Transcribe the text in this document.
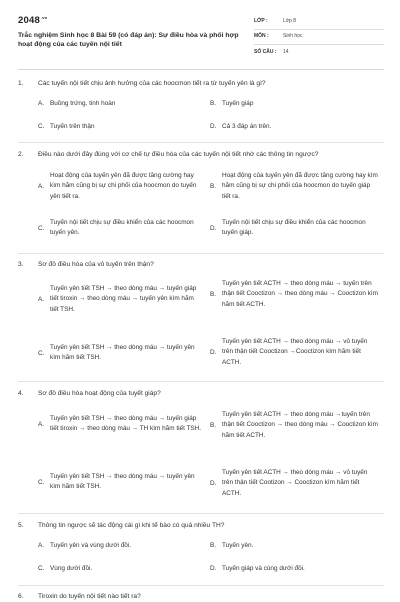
$2048^{.vn}$
Trắc nghiệm Sinh học 8 Bài 59 (có đáp án): Sự điều hòa và phối hợp hoạt động của các tuyến nội tiết
LỚP :	Lớp 8
MÔN :	Sinh học
SỐ CÂU :	14
1. Các tuyến nội tiết chịu ảnh hưởng của các hoocmon tiết ra từ tuyến yên là gì?
A. Buồng trứng, tinh hoàn	B. Tuyến giáp
C. Tuyến trên thận	D. Cả 3 đáp án trên.
2. Điều nào dưới đây đúng với cơ chế tự điều hòa của các tuyến nội tiết nhờ các thông tin ngược?
A.
Hoạt động của tuyến yên đã được tăng cường hay kìm hãm cũng bị sự chi phối của hoocmon do tuyến yên tiết ra.
B.
Hoạt động của tuyến yên đã được tăng cường hay kìm hãm cũng bị sự chi phối của hoocmon do tuyến giáp tiết ra.
C.
Tuyến nội tiết chịu sự điều khiển của các hoocmon tuyến yên.
D.
Tuyến nội tiết chịu sự điều khiển của các hoocmon tuyến giáp.
3. Sơ đồ điều hòa của vỏ tuyến trên thận?
A.
Tuyến yên tiết TSH → theo dòng máu → tuyến giáp tiết tiroxin → theo dòng máu → tuyến yên kìm hãm tiết TSH.
B.
Tuyến yên tiết ACTH → theo dòng máu → tuyến trên thận tiết Cooctizon → theo dòng máu → Cooctizon kìm hãm tiết ACTH.
C.
Tuyến yên tiết TSH → theo dòng máu → tuyến yên kìm hãm tiết TSH.
D.
Tuyến yên tiết ACTH → theo dòng máu → vỏ tuyến trên thận tiết Cooctizon →Cooctizon kìm hãm tiết ACTH.
4. Sơ đồ điều hòa hoạt động của tuyết giáp?
A.
Tuyến yên tiết TSH → theo dòng máu → tuyến giáp tiết tiroxin → theo dòng máu → TH kìm hãm tiết TSH.
B.
Tuyến yên tiết ACTH → theo dòng máu →tuyến trên thận tiết Cooctizon → theo dòng máu → Cooctizon kìm hãm tiết ACTH.
C.
Tuyến yên tiết TSH → theo dòng máu → tuyến yên kìm hãm tiết TSH.
D.
Tuyến yên tiết ACTH → theo dòng máu → vỏ tuyến trên thận tiết Cootizon → Cooctizon kìm hãm tiết ACTH.
5. Thông tin ngược sẽ tác động cái gì khi tế bào có quá nhiều TH?
A. Tuyến yên và vùng dưới đồi.	B. Tuyến yên.
C. Vùng dưới đồi.	D. Tuyến giáp và cùng dưới đồi.
6. Tiroxin do tuyến nội tiết nào tiết ra?
